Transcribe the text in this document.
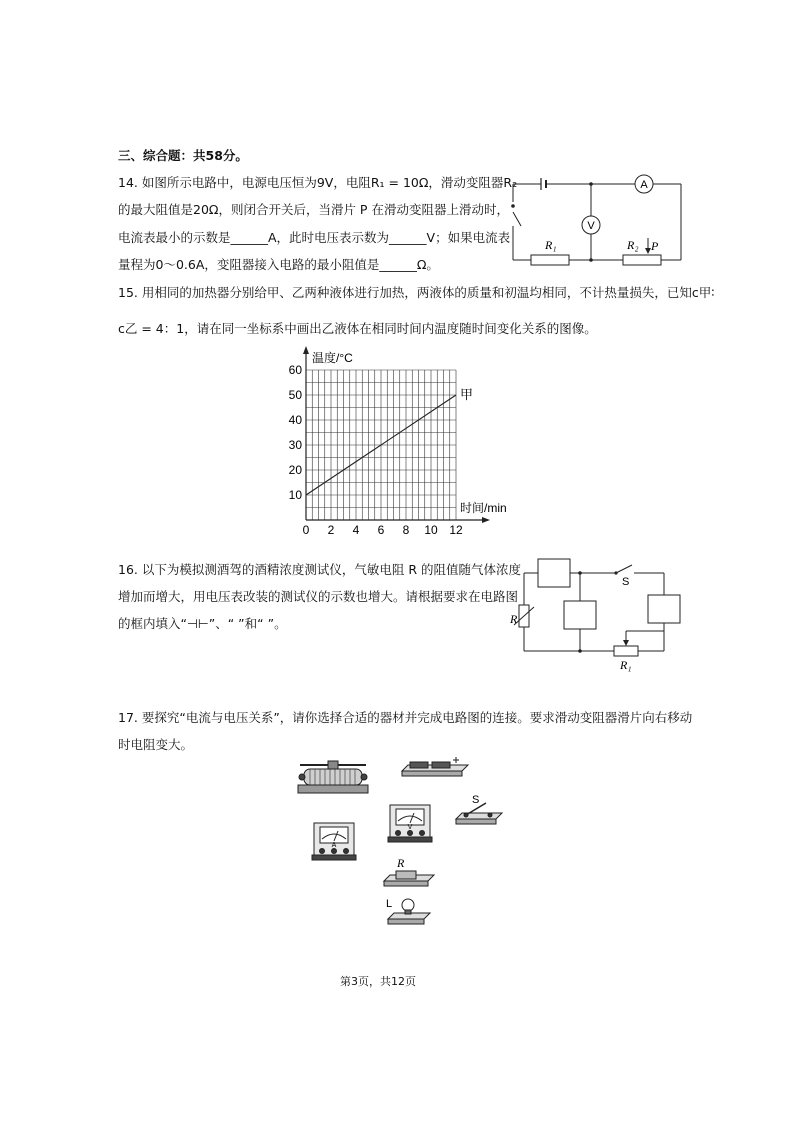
三、综合题：共58分。
14. 如图所示电路中，电源电压恒为9V，电阻R₁ = 10Ω，滑动变阻器R₂
的最大阻值是20Ω，则闭合开关后，当滑片 P 在滑动变阻器上滑动时，
电流表最小的示数是______A，此时电压表示数为______V；如果电流表
量程为0～0.6A，变阻器接入电路的最小阻值是______Ω。
A
V
R₁	R₂ P
15. 用相同的加热器分别给甲、乙两种液体进行加热，两液体的质量和初温均相同，不计热量损失，已知c甲∶
c乙 = 4：1，请在同一坐标系中画出乙液体在相同时间内温度随时间变化关系的图像。
0 2 4 6 8 10 12
10
20
30
40
50
60
甲
温度/°C
时间/min
16. 以下为模拟测酒驾的酒精浓度测试仪，气敏电阻 R 的阻值随气体浓度
增加而增大，用电压表改装的测试仪的示数也增大。请根据要求在电路图
的框内填入“⊣⊢”、“ ”和“ ”。
S
R
R₁
17. 要探究“电流与电压关系”，请你选择合适的器材并完成电路图的连接。要求滑动变阻器滑片向右移动
时电阻变大。
A
V
S
R
L
第3页，共12页
